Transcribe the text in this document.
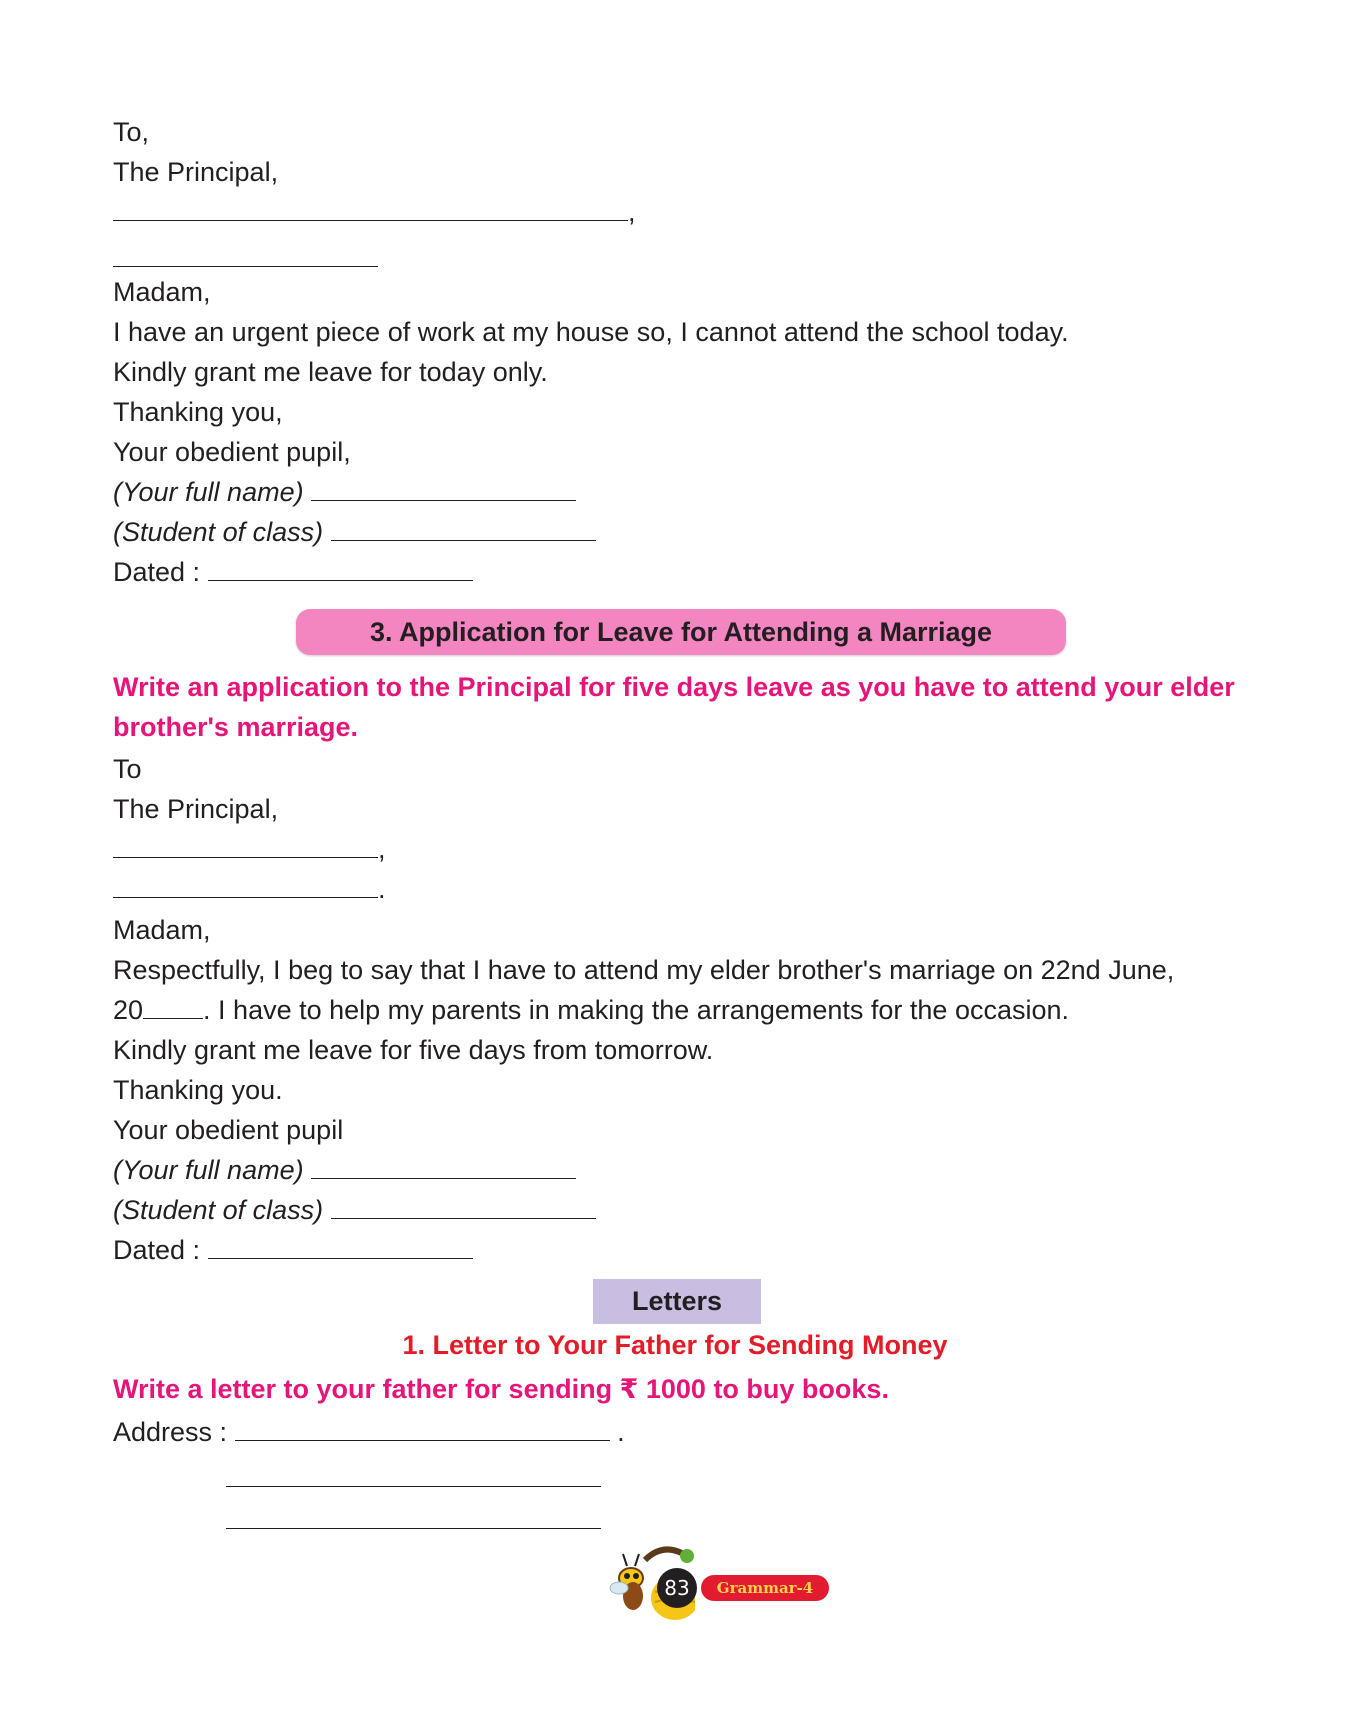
To,
The Principal,
,
Madam,
I have an urgent piece of work at my house so, I cannot attend the school today.
Kindly grant me leave for today only.
Thanking you,
Your obedient pupil,
(Your full name)
(Student of class)
Dated :
3. Application for Leave for Attending a Marriage
Write an application to the Principal for five days leave as you have to attend your elder
brother's marriage.
To
The Principal,
,
.
Madam,
Respectfully, I beg to say that I have to attend my elder brother's marriage on 22nd June,
20 . I have to help my parents in making the arrangements for the occasion.
Kindly grant me leave for five days from tomorrow.
Thanking you.
Your obedient pupil
(Your full name)
(Student of class)
Dated :
Letters
1. Letter to Your Father for Sending Money
Write a letter to your father for sending ₹ 1000 to buy books.
Address :	.
83	Grammar-4
